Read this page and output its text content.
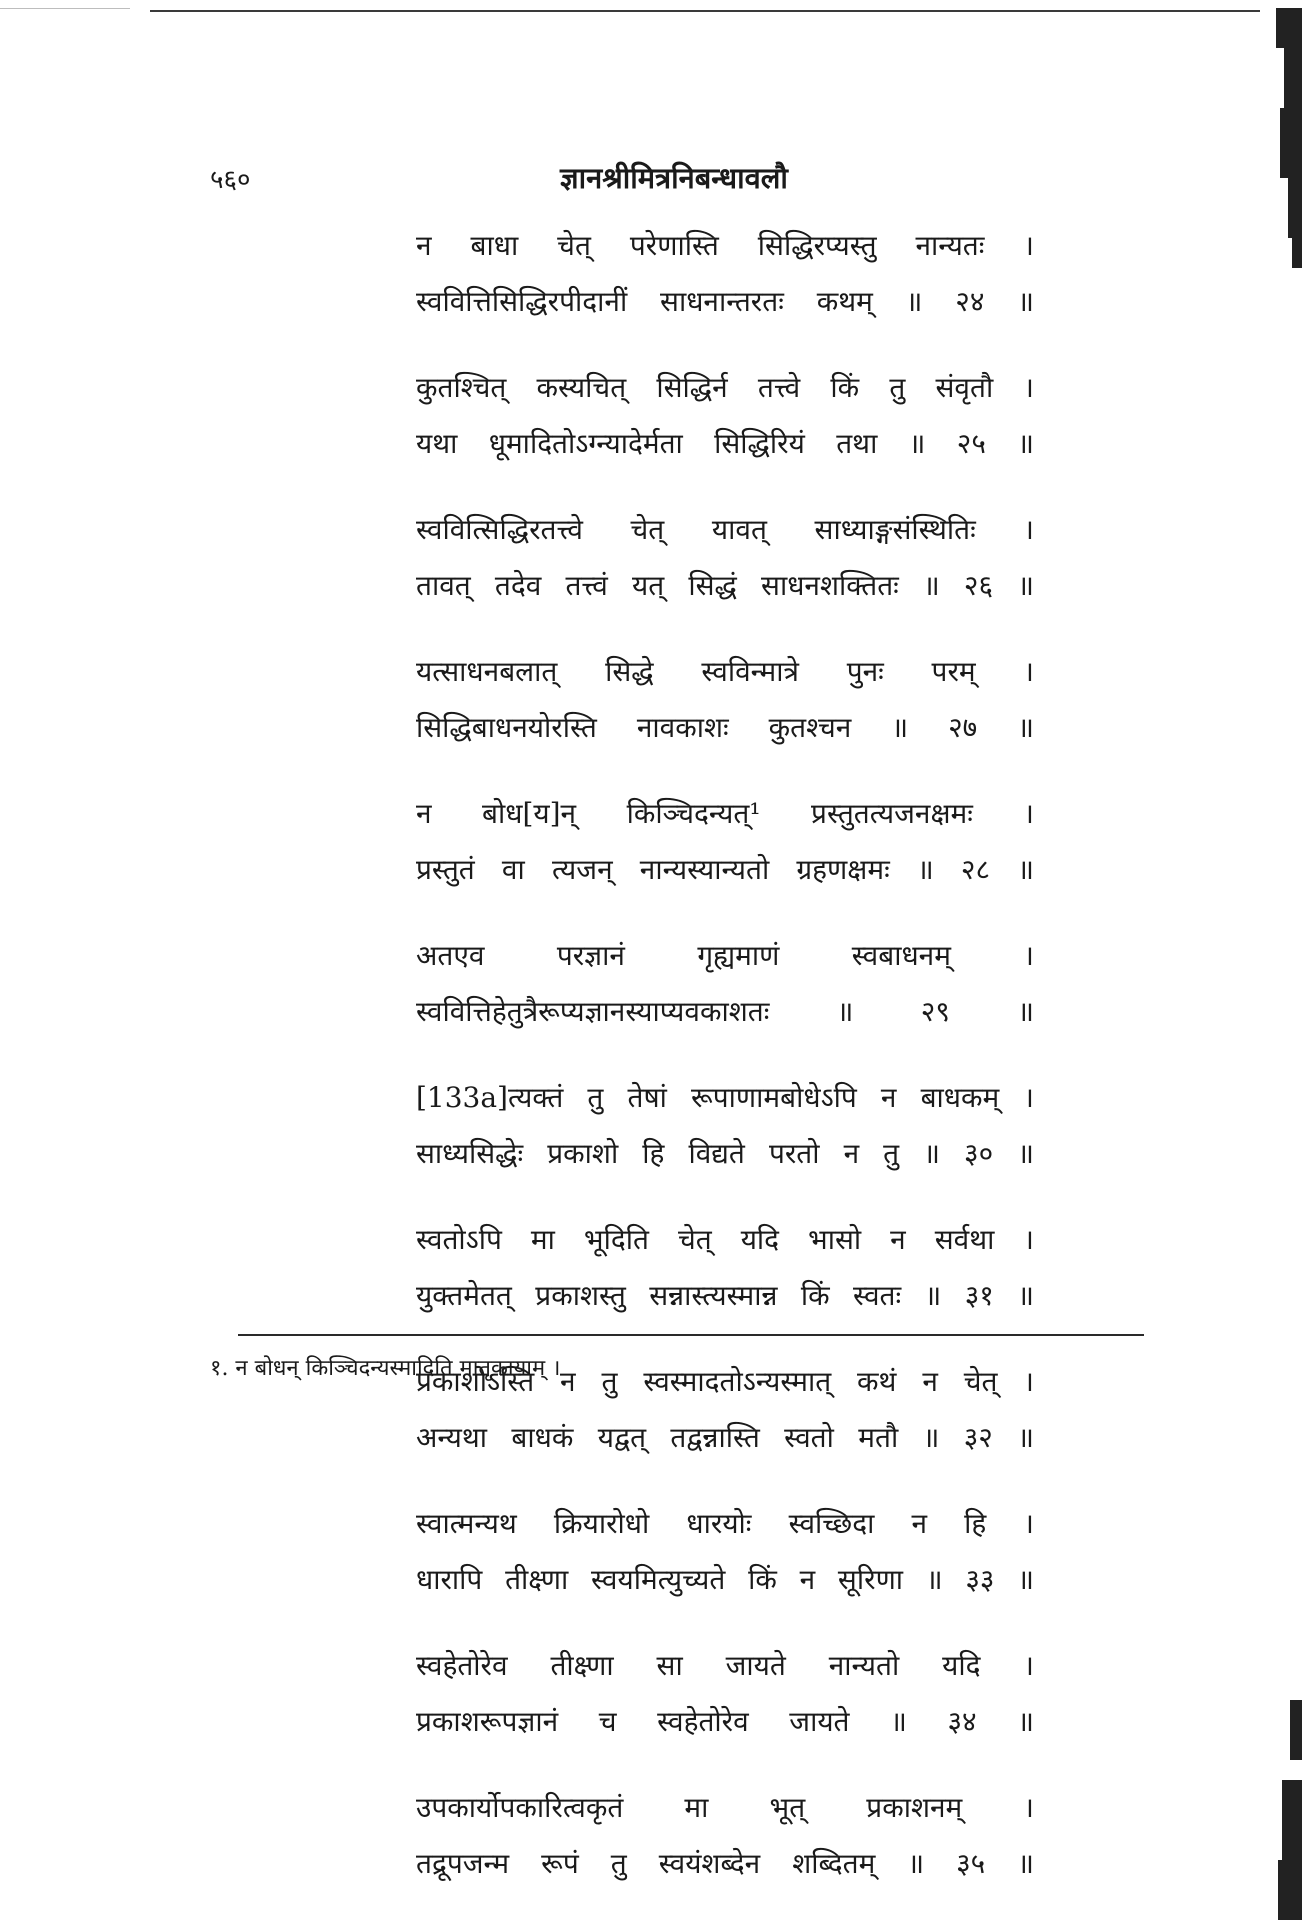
५६०	ज्ञानश्रीमित्रनिबन्धावलौ
न बाधा चेत् परेणास्ति सिद्धिरप्यस्तु नान्यतः ।
स्ववित्तिसिद्धिरपीदानीं साधनान्तरतः कथम् ॥ २४ ॥
कुतश्चित् कस्यचित् सिद्धिर्न तत्त्वे किं तु संवृतौ ।
यथा धूमादितोऽग्न्यादेर्मता सिद्धिरियं तथा ॥ २५ ॥
स्ववित्सिद्धिरतत्त्वे चेत् यावत् साध्याङ्गसंस्थितिः ।
तावत् तदेव तत्त्वं यत् सिद्धं साधनशक्तितः ॥ २६ ॥
यत्साधनबलात् सिद्धे स्वविन्मात्रे पुनः परम् ।
सिद्धिबाधनयोरस्ति नावकाशः कुतश्चन ॥ २७ ॥
न बोध[य]न् किञ्चिदन्यत्¹ प्रस्तुतत्यजनक्षमः ।
प्रस्तुतं वा त्यजन् नान्यस्यान्यतो ग्रहणक्षमः ॥ २८ ॥
अतएव परज्ञानं गृह्यमाणं स्वबाधनम् ।
स्ववित्तिहेतुत्रैरूप्यज्ञानस्याप्यवकाशतः ॥ २९ ॥
[133a]त्यक्तं तु तेषां रूपाणामबोधेऽपि न बाधकम् ।
साध्यसिद्धेः प्रकाशो हि विद्यते परतो न तु ॥ ३० ॥
स्वतोऽपि मा भूदिति चेत् यदि भासो न सर्वथा ।
युक्तमेतत् प्रकाशस्तु सन्नास्त्यस्मान्न किं स्वतः ॥ ३१ ॥
प्रकाशोऽस्ति न तु स्वस्मादतोऽन्यस्मात् कथं न चेत् ।
अन्यथा बाधकं यद्वत् तद्वन्नास्ति स्वतो मतौ ॥ ३२ ॥
स्वात्मन्यथ क्रियारोधो धारयोः स्वच्छिदा न हि ।
धारापि तीक्ष्णा स्वयमित्युच्यते किं न सूरिणा ॥ ३३ ॥
स्वहेतोरेव तीक्ष्णा सा जायते नान्यतो यदि ।
प्रकाशरूपज्ञानं च स्वहेतोरेव जायते ॥ ३४ ॥
उपकार्योपकारित्वकृतं मा भूत् प्रकाशनम् ।
तद्रूपजन्म रूपं तु स्वयंशब्देन शब्दितम् ॥ ३५ ॥
१. न बोधन् किञ्चिदन्यस्मादिति मातृकायाम् ।
